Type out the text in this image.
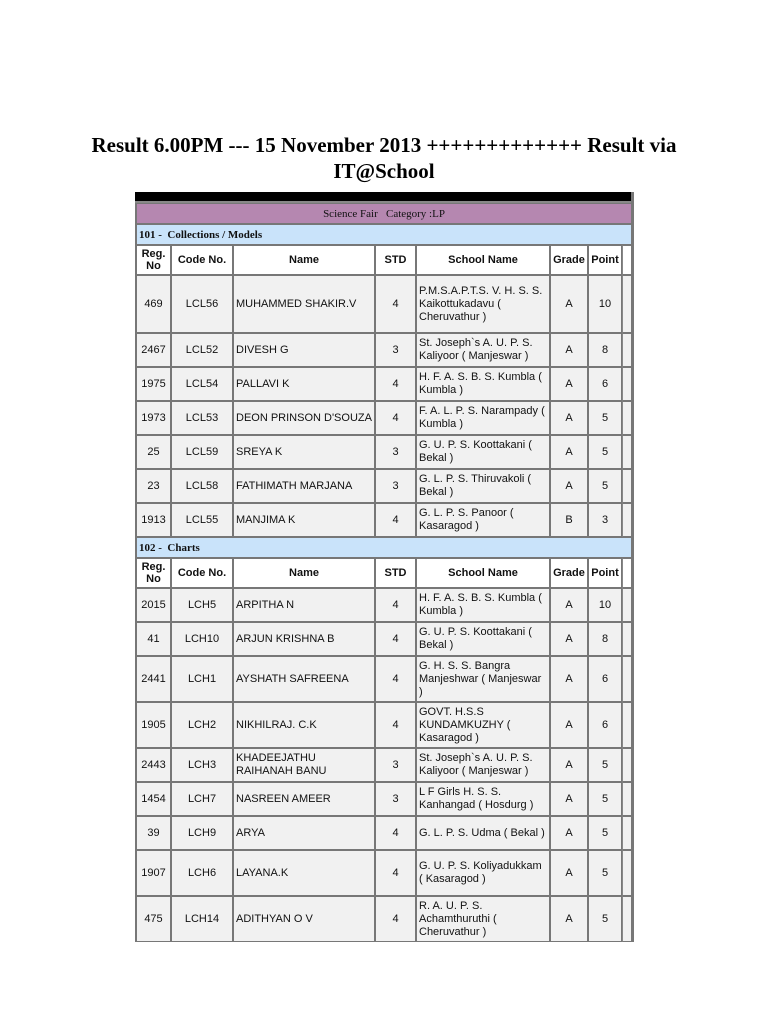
Result 6.00PM --- 15 November 2013 +++++++++++++ Result via IT@School
Science Fair   Category :LP							
101 -  Collections / Models							
Reg. No	Code No.	Name	STD	School Name	Grade	Point	
469	LCL56	MUHAMMED SHAKIR.V	4	P.M.S.A.P.T.S. V. H. S. S. Kaikottukadavu ( Cheruvathur )	A	10	
2467	LCL52	DIVESH G	3	St. Joseph`s A. U. P. S. Kaliyoor ( Manjeswar )	A	8	
1975	LCL54	PALLAVI K	4	H. F. A. S. B. S. Kumbla ( Kumbla )	A	6	
1973	LCL53	DEON PRINSON D'SOUZA	4	F. A. L. P. S. Narampady ( Kumbla )	A	5	
25	LCL59	SREYA K	3	G. U. P. S. Koottakani ( Bekal )	A	5	
23	LCL58	FATHIMATH MARJANA	3	G. L. P. S. Thiruvakoli ( Bekal )	A	5	
1913	LCL55	MANJIMA K	4	G. L. P. S. Panoor ( Kasaragod )	B	3	
102 -  Charts							
Reg. No	Code No.	Name	STD	School Name	Grade	Point	
2015	LCH5	ARPITHA N	4	H. F. A. S. B. S. Kumbla ( Kumbla )	A	10	
41	LCH10	ARJUN KRISHNA B	4	G. U. P. S. Koottakani ( Bekal )	A	8	
2441	LCH1	AYSHATH SAFREENA	4	G. H. S. S. Bangra Manjeshwar ( Manjeswar )	A	6	
1905	LCH2	NIKHILRAJ. C.K	4	GOVT. H.S.S KUNDAMKUZHY ( Kasaragod )	A	6	
2443	LCH3	KHADEEJATHU RAIHANAH BANU	3	St. Joseph`s A. U. P. S. Kaliyoor ( Manjeswar )	A	5	
1454	LCH7	NASREEN AMEER	3	L F Girls H. S. S. Kanhangad ( Hosdurg )	A	5	
39	LCH9	ARYA	4	G. L. P. S. Udma ( Bekal )	A	5	
1907	LCH6	LAYANA.K	4	G. U. P. S. Koliyadukkam ( Kasaragod )	A	5	
475	LCH14	ADITHYAN O V	4	R. A. U. P. S. Achamthuruthi ( Cheruvathur )	A	5	
